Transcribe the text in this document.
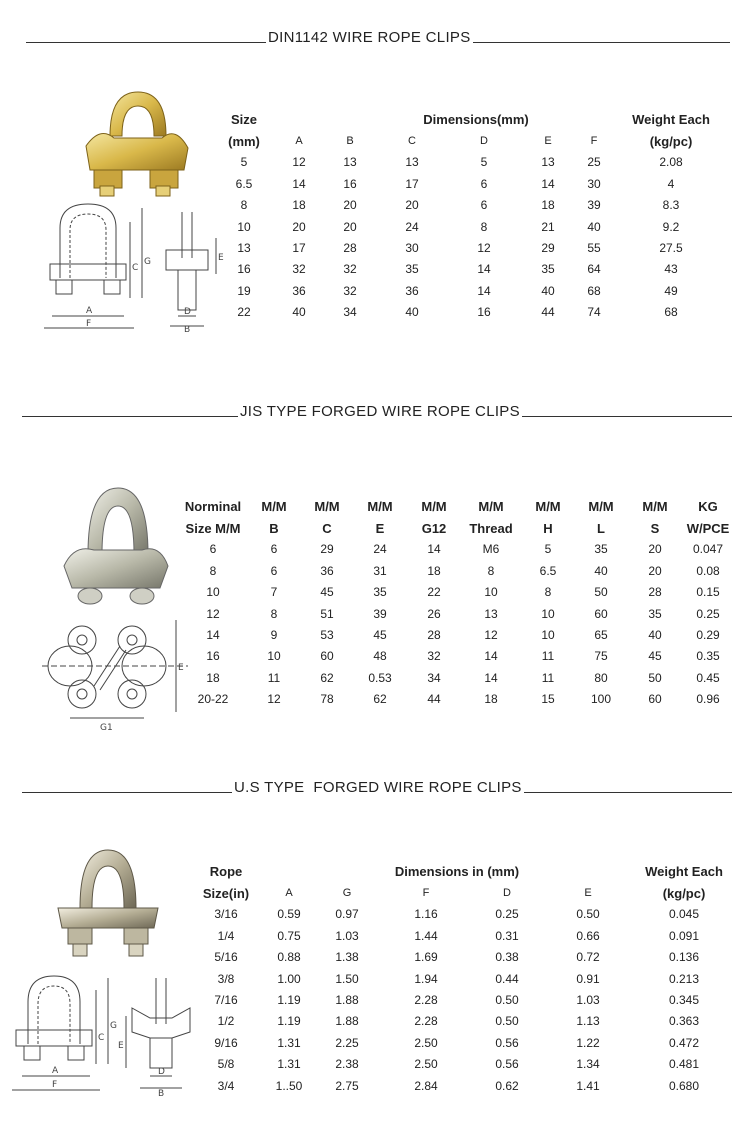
DIN1142 WIRE ROPE CLIPS
G
C
A
F
E
D
B
Size			Dimensions(mm)				Weight Each
(mm)	A	B	C	D	E	F	(kg/pc)
5	12	13	13	5	13	25	2.08
6.5	14	16	17	6	14	30	4
8	18	20	20	6	18	39	8.3
10	20	20	24	8	21	40	9.2
13	17	28	30	12	29	55	27.5
16	32	32	35	14	35	64	43
19	36	32	36	14	40	68	49
22	40	34	40	16	44	74	68
JIS TYPE FORGED WIRE ROPE CLIPS
E
G1
Norminal	M/M	M/M	M/M	M/M	M/M	M/M	M/M	M/M	KG
Size M/M	B	C	E	G12	Thread	H	L	S	W/PCE
6	6	29	24	14	M6	5	35	20	0.047
8	6	36	31	18	8	6.5	40	20	0.08
10	7	45	35	22	10	8	50	28	0.15
12	8	51	39	26	13	10	60	35	0.25
14	9	53	45	28	12	10	65	40	0.29
16	10	60	48	32	14	11	75	45	0.35
18	11	62	0.53	34	14	11	80	50	0.45
20-22	12	78	62	44	18	15	100	60	0.96
U.S TYPE  FORGED WIRE ROPE CLIPS
G
C
A
F
E
D
B
Rope			Dimensions in (mm)			Weight Each
Size(in)	A	G	F	D	E	(kg/pc)
3/16	0.59	0.97	1.16	0.25	0.50	0.045
1/4	0.75	1.03	1.44	0.31	0.66	0.091
5/16	0.88	1.38	1.69	0.38	0.72	0.136
3/8	1.00	1.50	1.94	0.44	0.91	0.213
7/16	1.19	1.88	2.28	0.50	1.03	0.345
1/2	1.19	1.88	2.28	0.50	1.13	0.363
9/16	1.31	2.25	2.50	0.56	1.22	0.472
5/8	1.31	2.38	2.50	0.56	1.34	0.481
3/4	1..50	2.75	2.84	0.62	1.41	0.680
